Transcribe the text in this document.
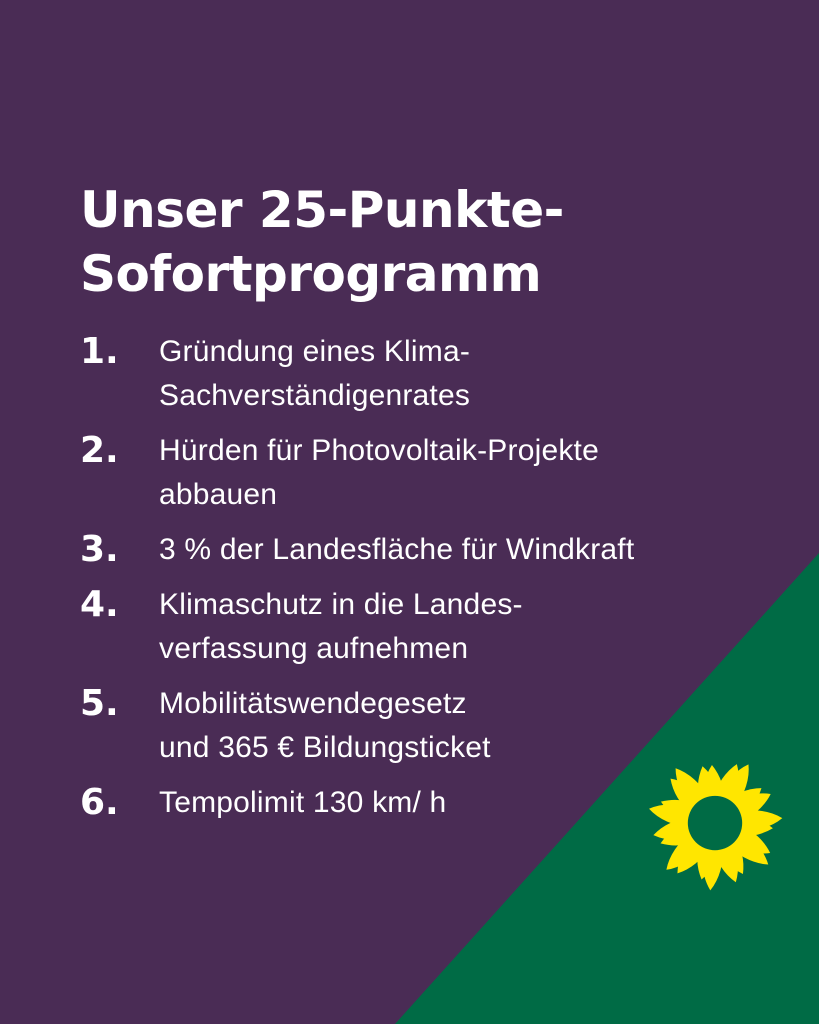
Unser 25-Punkte-
Sofortprogramm
1.	Gründung eines Klima-
Sachverständigenrates
2.	Hürden für Photovoltaik-Projekte
abbauen
3.	3 % der Landesfläche für Windkraft
4.	Klimaschutz in die Landes-
verfassung aufnehmen
5.	Mobilitätswendegesetz
und 365 € Bildungsticket
6.	Tempolimit 130 km/ h
